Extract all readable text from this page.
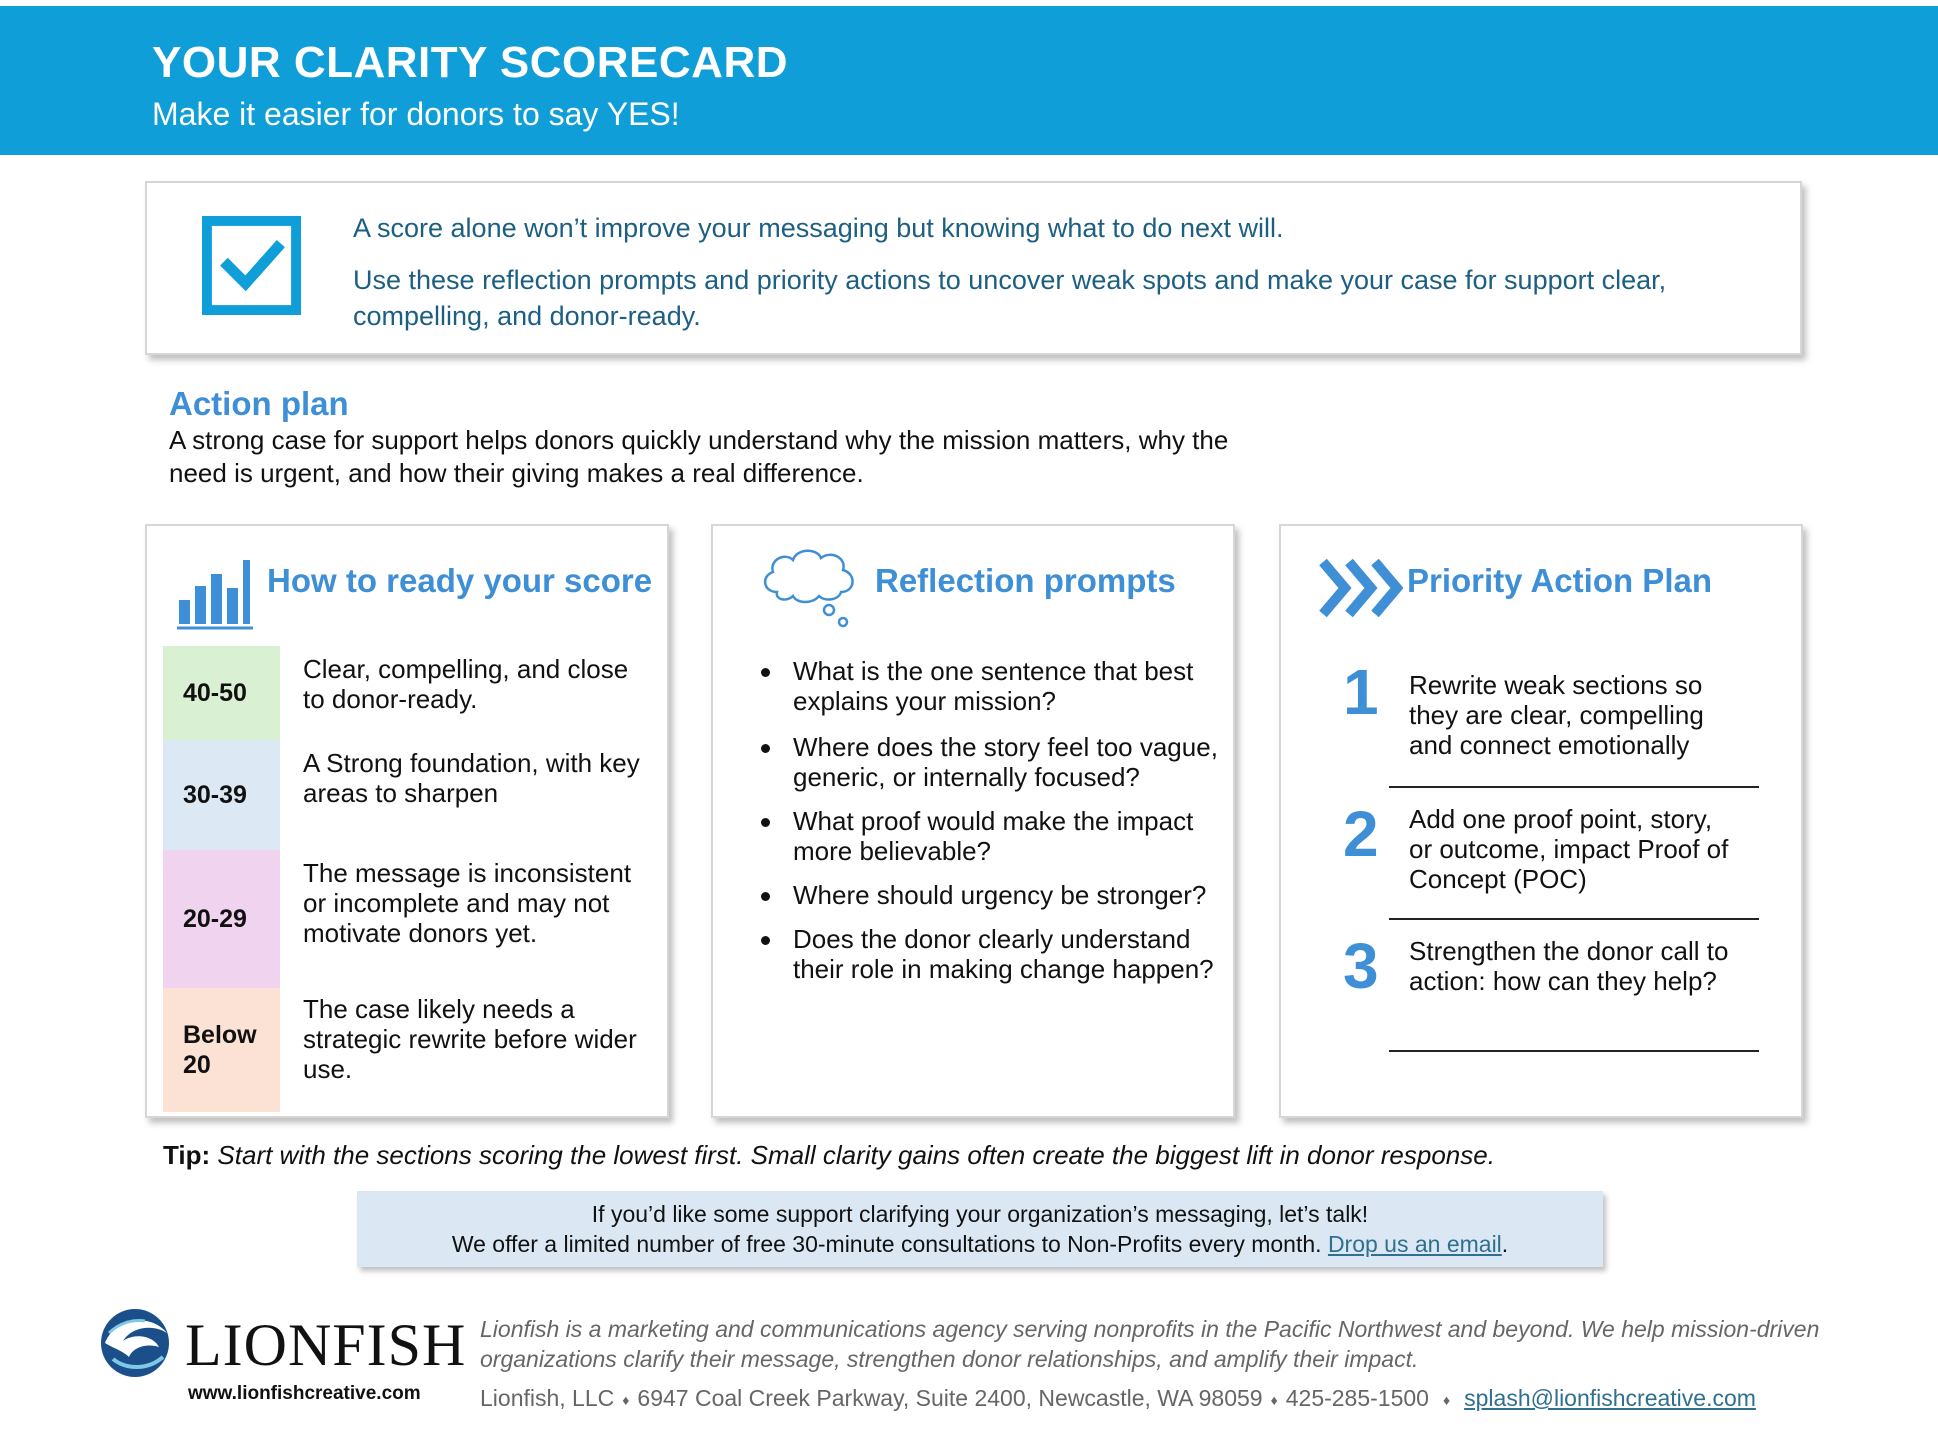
YOUR CLARITY SCORECARD
Make it easier for donors to say YES!
A score alone won’t improve your messaging but knowing what to do next will.
Use these reflection prompts and priority actions to uncover weak spots and make your case for support clear, compelling, and donor-ready.
Action plan
A strong case for support helps donors quickly understand why the mission matters, why the need is urgent, and how their giving makes a real difference.
How to ready your score
40-50
Clear, compelling, and close to donor-ready.
30-39
A Strong foundation, with key areas to sharpen
20-29
The message is inconsistent or incomplete and may not motivate donors yet.
Below 20
The case likely needs a strategic rewrite before wider use.
Reflection prompts
What is the one sentence that best explains your mission?
Where does the story feel too vague, generic, or internally focused?
What proof would make the impact more believable?
Where should urgency be stronger?
Does the donor clearly understand their role in making change happen?
Priority Action Plan
1	Rewrite weak sections so they are clear, compelling and connect emotionally
2	Add one proof point, story, or outcome, impact Proof of Concept (POC)
3	Strengthen the donor call to action: how can they help?
Tip: Start with the sections scoring the lowest first. Small clarity gains often create the biggest lift in donor response.
If you’d like some support clarifying your organization’s messaging, let’s talk!
We offer a limited number of free 30-minute consultations to Non-Profits every month. Drop us an email.
LIONFISH
www.lionfishcreative.com
Lionfish is a marketing and communications agency serving nonprofits in the Pacific Northwest and beyond. We help mission-driven organizations clarify their message, strengthen donor relationships, and amplify their impact.
Lionfish, LLC ♦ 6947 Coal Creek Parkway, Suite 2400, Newcastle, WA 98059 ♦ 425-285-1500 ♦ splash@lionfishcreative.com
